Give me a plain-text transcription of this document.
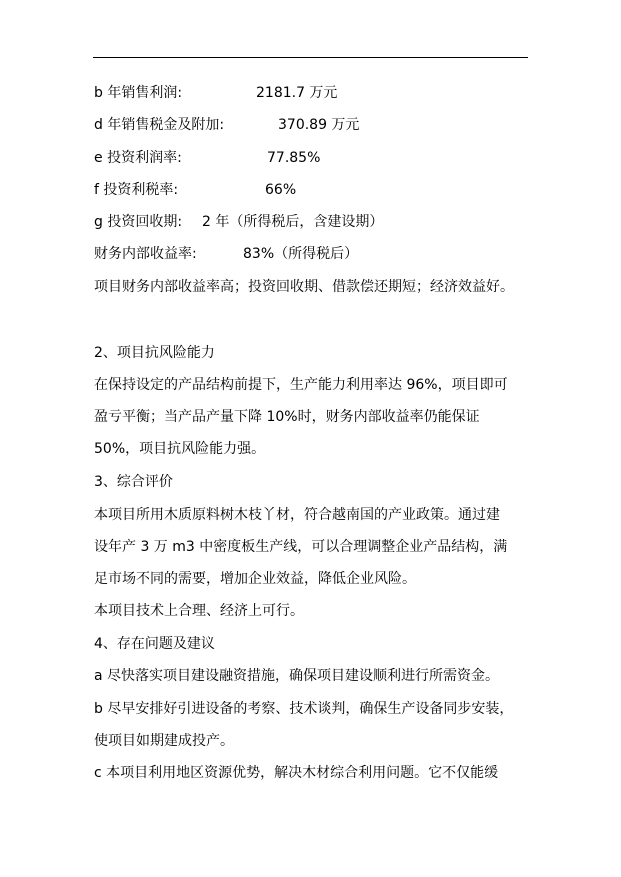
b 年销售利润:	2181.7 万元
d 年销售税金及附加:	370.89 万元
e 投资利润率:	77.85%
f 投资利税率:	66%
g 投资回收期: 2 年（所得税后，含建设期）
财务内部收益率:	83%（所得税后）
项目财务内部收益率高；投资回收期、借款偿还期短；经济效益好。
2、项目抗风险能力
在保持设定的产品结构前提下，生产能力利用率达 96%，项目即可
盈亏平衡；当产品产量下降 10%时，财务内部收益率仍能保证
50%，项目抗风险能力强。
3、综合评价
本项目所用木质原料树木枝丫材，符合越南国的产业政策。通过建
设年产 3 万 m3 中密度板生产线，可以合理调整企业产品结构，满
足市场不同的需要，增加企业效益，降低企业风险。
本项目技术上合理、经济上可行。
4、存在问题及建议
a 尽快落实项目建设融资措施，确保项目建设顺利进行所需资金。
b 尽早安排好引进设备的考察、技术谈判，确保生产设备同步安装，
使项目如期建成投产。
c 本项目利用地区资源优势，解决木材综合利用问题。它不仅能缓
